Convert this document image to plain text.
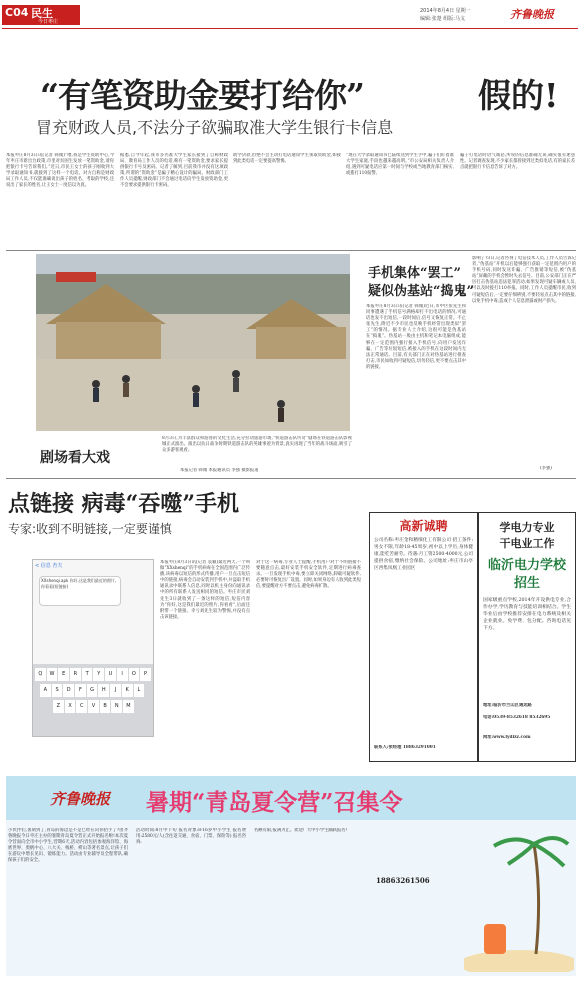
C04 民生
今日枣庄
2014年8月4日 星期一
编辑:张楚 组版:马戈	齐鲁晚报
“有笔资助金要打给你”	假的!
冒充财政人员,不法分子欲骗取准大学生银行卡信息
本报枣庄8月3日讯(记者 韩微)“喂,我是学生资助中心,今年枣庄市新出台政策,市里对贫困生发放一笔资助金,请你把银行卡号告诉我们。”近日,市民王女士的孩子刚收到大学录取通知书,就接到了这样一个电话。对方自称是财政局工作人员,不仅能准确说出孩子的姓名、考取的学校,还说出了家长的姓名,让王女士一度信以为真。
据悉,自今年起,我市多名准大学生家长接到了自称财政局、教育局工作人员的电话,称有一笔资助金,要求家长提供银行卡号及密码。记者了解到,目前我市并没有这项政策,所谓的“资助金”是骗子精心设计的骗局。财政部门工作人员提醒,财政部门不会通过电话向学生发放资助金,更不会要求提供银行卡密码。
助学贷款,但绝不会主动打电话通知学生领取资助金,如接到此类电话一定要提高警惕。
“现在大学录取通知书已陆续送到学生手中,骗子们盯着准大学生家庭,手段也越来越高明。”市公安局相关负责人介绍,遇到可疑电话应第一时间与学校或当地教育部门核实,或拨打110报警。
骗子打电话时语气诚恳,所说的信息准确无误,确实很有迷惑性。记者调查发现,不少家长都曾接到过类似电话,有的家长差点就把银行卡信息告诉了对方。
剧场看大戏
8月3日,为丰富群众和游客的文化生活,充分拉动旅游市场,“铁道游击队传奇”剧场在铁道游击队影视城正式演出。演出以抗日战争时期铁道游击队的英雄事迹为背景,真实再现了当年的战斗场面,吸引了众多游客观看。
本报记者 韩微 本报通讯员 李强 摄影报道
手机集体“罢工”
疑似伪基站“捣鬼”
本报枣庄8月3日讯(记者 韩微)近日,市中区张先生和同事遭遇了手机信号满格却打不出电话的情况,可通话也发不出短信,一段时间后,信号又恢复正常。不止张先生,附近不少市民也反映手机经常出现类似“罢工”的情况。据专业人士介绍,这很可能是伪基站在“捣鬼”。伪基站一般由主机和笔记本电脑组成,能够在一定范围内强行接入手机信号,向用户发送诈骗、广告等垃圾短信,被接入的手机在这段时间内无法正常通话。目前,有关部门正在对伪基站进行排查打击,市民如收到可疑短信,切勿轻信,更不要点击其中的链接。
影响了?3日,记者咨询了电信技术人员,工作人员告诉记者,“伪基站”开机以后能够强行获取一定范围内用户的手机号码,同时发送诈骗、广告推销等短信,被“伪基站”屏蔽的手机会暂时失去信号。目前,公安部门正在严厉打击伪基站违法犯罪活动,如果发现可疑车辆或人员,可以及时拨打110举报。同时,工作人员提醒市民,收到可疑短信后,一定要仔细辨别,不要轻易点击其中的链接,以免手机中毒,造成个人信息泄露或财产损失。
(李强)
点链接 病毒“吞噬”手机
专家:收到不明链接,一定要谨慎
< 信息 杏夫
XXshenqi.apk 你好,这是我们最近的照片,你看看(短链接)
Q	W	E	R	T	Y	U	I	O	P
A	S	D	F	G	H	J	K	L
Z	X	C	V	B	N	M
本报枣庄8月3日讯(记者 袁颖)最近两天,一个叫做“XXshenqi”的手机病毒在全国范围内广泛传播,该病毒以短信的形式传播,用户一旦点击短信中的链接,病毒会自动安装到手机中,并盗取手机通讯录中联系人信息,同时以机主身份向通讯录中的所有联系人发送相同的短信。枣庄市民刘先生3日就收到了一条这样的短信,短信内容为“你好,这是我们最近的照片,你看看”,后面还附带一个链接。幸亏刘先生较为警惕,并没有点击该链接。
对于这一病毒,专业人士提醒,手机用户对于不明链接不要随意点击,最好安装手机安全软件,定期进行病毒查杀。一旦发现手机中毒,要立即关闭网络,卸载可疑软件,必要时可恢复出厂设置。同时,如果身边有人收到此类短信,要提醒对方不要点击,避免病毒扩散。
高新诚聘
公司名称:枣庄金和精细化工有限公司 招工条件:男女不限,年龄18-45周岁,初中以上学历,身体健康,能吃苦耐劳。待遇:月工资2500-4000元,公司提供食宿,缴纳社会保险。公司地址:枣庄市山亭区西集凤凰工业园区
联系人:张经理 18863291001
学电力专业
干电业工作
临沂电力学校招生
国家级重点学校,2014年开设供电专业,合作办学,学历教育与技能培训相结合。学生毕业后由学校推荐安排在电力系统及相关企业就业。免学费、包分配。咨询电话见下方。
地址:临沂市兰山区通达路
电话:0539-8532618 8532695
网址:www.lydlzz.com
齐鲁晚报 暑期“青岛夏令营”召集令
小伙伴们,暑期到了,青岛的海边是不是已经在向你招手了?由齐鲁晚报今日枣庄主办的暑期青岛夏令营正式开始报名啦!本次夏令营面向全市中小学生,营期6天,活动内容包括参观海洋馆、海底世界、奥帆中心、八大关、栈桥、崂山等著名景点,让孩子们在游玩中增长见识、锻炼能力。活动由专业辅导员全程带队,确保孩子们的安全。
活动时间:8月中下旬 报名对象:8-16岁中小学生 报名费用:2580元/人(含往返交通、食宿、门票、保险等) 报名咨询:
名额有限,报满为止。欢迎广大中小学生踊跃报名!
18863261506
